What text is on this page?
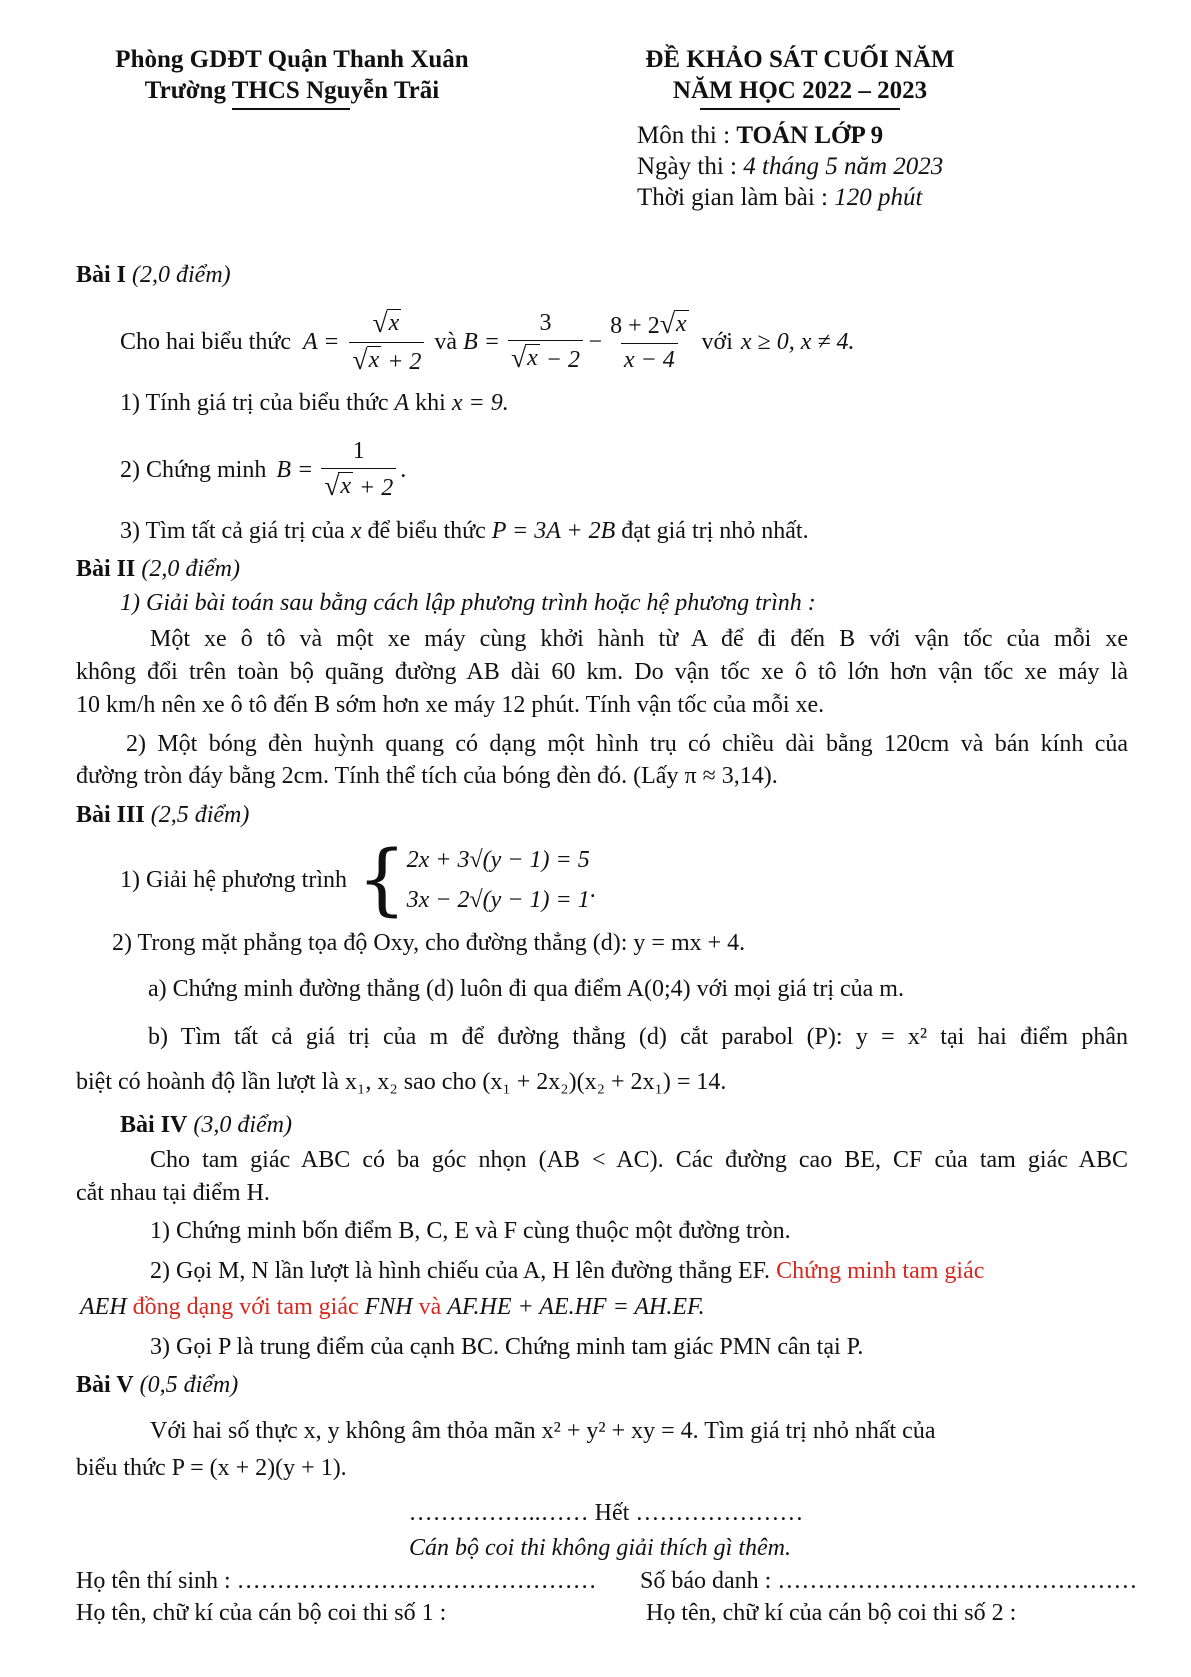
Phòng GDĐT Quận Thanh Xuân
Trường THCS Nguyễn Trãi
ĐỀ KHẢO SÁT CUỐI NĂM
NĂM HỌC 2022 – 2023
Môn thi : TOÁN LỚP 9
Ngày thi : 4 tháng 5 năm 2023
Thời gian làm bài : 120 phút
Bài I (2,0 điểm)
Cho hai biểu thức $A = \frac{√ x}{√ x + 2}$ và $B = \frac{3}{√ x - 2} - \frac{8 + 2 √ x}{x - 4}$ với x ≥ 0, x ≠ 4.
1) Tính giá trị của biểu thức A khi x = 9.
2) Chứng minh $B = \frac{1}{√ x + 2}$ .
3) Tìm tất cả giá trị của x để biểu thức P = 3A + 2B đạt giá trị nhỏ nhất.
Bài II (2,0 điểm)
1) Giải bài toán sau bằng cách lập phương trình hoặc hệ phương trình :
Một xe ô tô và một xe máy cùng khởi hành từ A để đi đến B với vận tốc của mỗi xe
không đổi trên toàn bộ quãng đường AB dài 60 km. Do vận tốc xe ô tô lớn hơn vận tốc xe máy là
10 km/h nên xe ô tô đến B sớm hơn xe máy 12 phút. Tính vận tốc của mỗi xe.
2) Một bóng đèn huỳnh quang có dạng một hình trụ có chiều dài bằng 120cm và bán kính của
đường tròn đáy bằng 2cm. Tính thể tích của bóng đèn đó. (Lấy π ≈ 3,14).
Bài III (2,5 điểm)
1) Giải hệ phương trình { 2x + 3√(y − 1) = 5
3x − 2√(y − 1) = 1 .
2) Trong mặt phẳng tọa độ Oxy, cho đường thẳng (d): y = mx + 4.
a) Chứng minh đường thẳng (d) luôn đi qua điểm A(0;4) với mọi giá trị của m.
b) Tìm tất cả giá trị của m để đường thẳng (d) cắt parabol (P): y = x² tại hai điểm phân
biệt có hoành độ lần lượt là x₁, x₂ sao cho (x₁ + 2x₂)(x₂ + 2x₁) = 14.
Bài IV (3,0 điểm)
Cho tam giác ABC có ba góc nhọn (AB < AC). Các đường cao BE, CF của tam giác ABC
cắt nhau tại điểm H.
1) Chứng minh bốn điểm B, C, E và F cùng thuộc một đường tròn.
2) Gọi M, N lần lượt là hình chiếu của A, H lên đường thẳng EF. Chứng minh tam giác
AEH đồng dạng với tam giác FNH và AF.HE + AE.HF = AH.EF.
3) Gọi P là trung điểm của cạnh BC. Chứng minh tam giác PMN cân tại P.
Bài V (0,5 điểm)
Với hai số thực x, y không âm thỏa mãn x² + y² + xy = 4. Tìm giá trị nhỏ nhất của
biểu thức P = (x + 2)(y + 1).
……………..…… Hết …………………
Cán bộ coi thi không giải thích gì thêm.
Họ tên thí sinh : ……………………………………… Số báo danh : ………………………………………
Họ tên, chữ kí của cán bộ coi thi số 1 :	Họ tên, chữ kí của cán bộ coi thi số 2 :
